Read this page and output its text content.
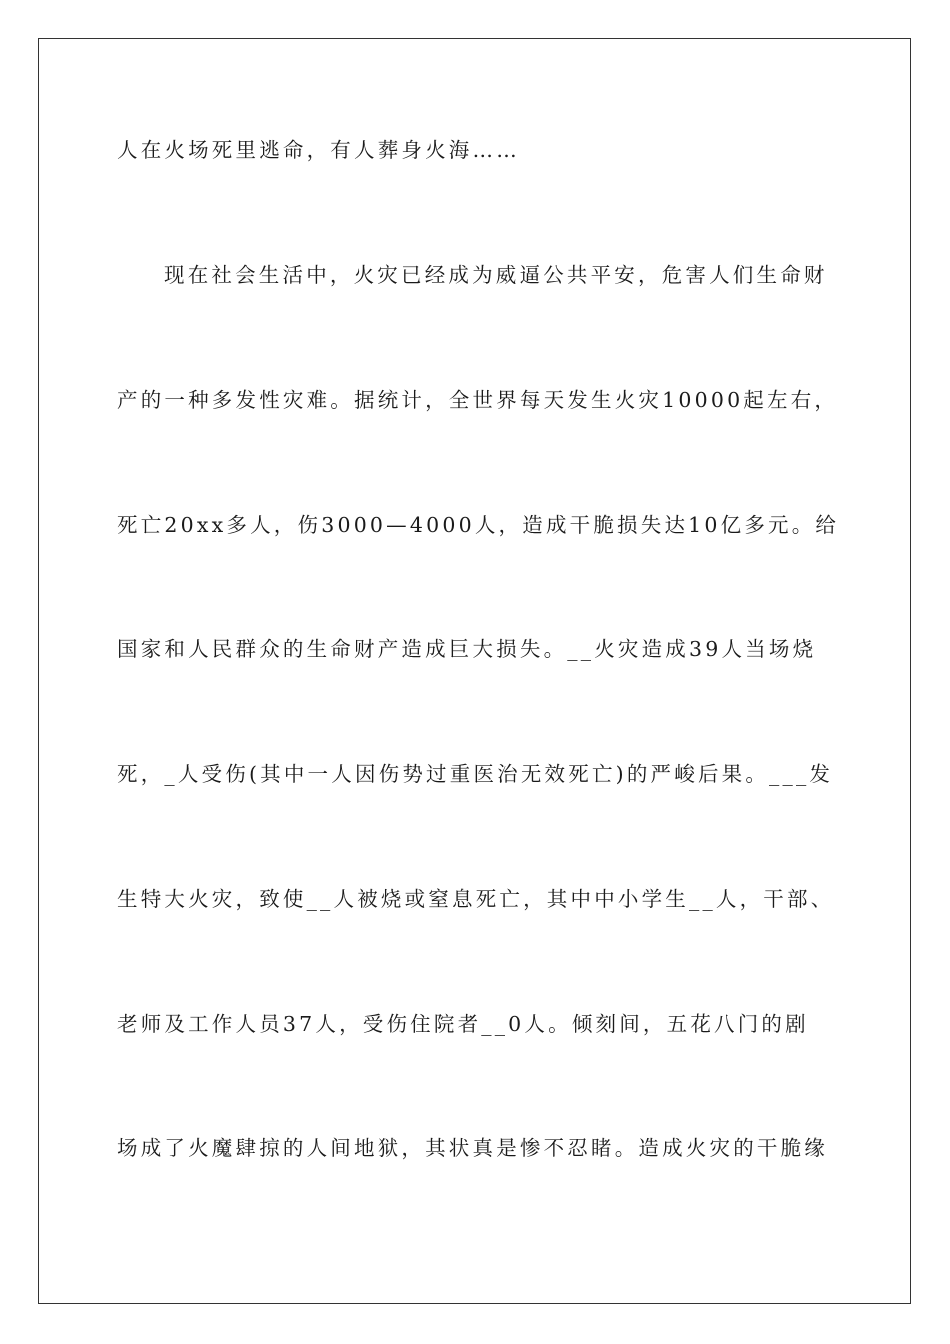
人在火场死里逃命，有人葬身火海……
现在社会生活中，火灾已经成为威逼公共平安，危害人们生命财
产的一种多发性灾难。据统计，全世界每天发生火灾10000起左右，
死亡20xx多人，伤3000—4000人，造成干脆损失达10亿多元。给
国家和人民群众的生命财产造成巨大损失。__火灾造成39人当场烧
死，_人受伤(其中一人因伤势过重医治无效死亡)的严峻后果。___发
生特大火灾，致使__人被烧或窒息死亡，其中中小学生__人，干部、
老师及工作人员37人，受伤住院者__0人。倾刻间，五花八门的剧
场成了火魔肆掠的人间地狱，其状真是惨不忍睹。造成火灾的干脆缘
